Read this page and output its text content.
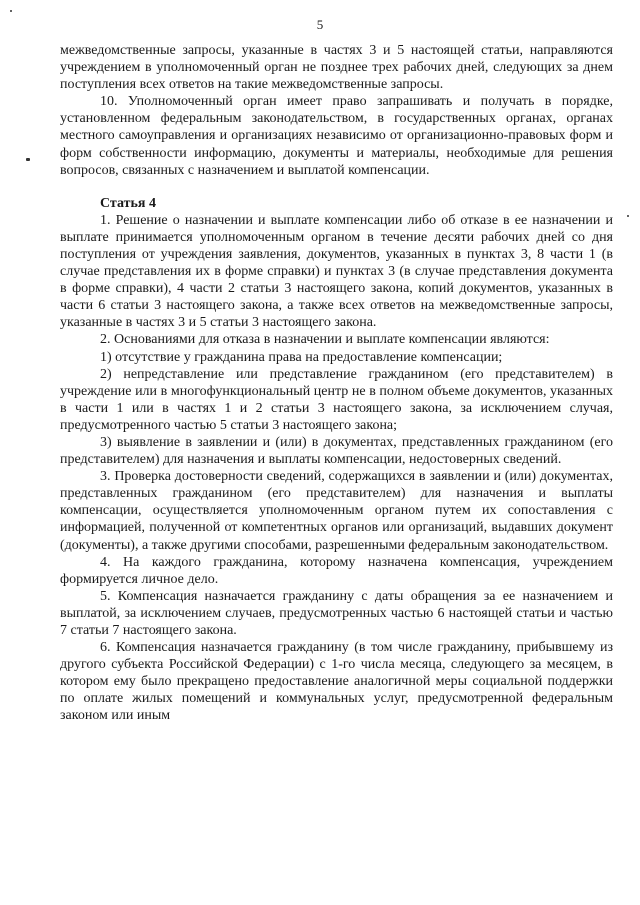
5

межведомственные запросы, указанные в частях 3 и 5 настоящей статьи, направляются учреждением в уполномоченный орган не позднее трех рабочих дней, следующих за днем поступления всех ответов на такие межведомственные запросы.

10. Уполномоченный орган имеет право запрашивать и получать в порядке, установленном федеральным законодательством, в государственных органах, органах местного самоуправления и организациях независимо от организационно-правовых форм и форм собственности информацию, документы и материалы, необходимые для решения вопросов, связанных с назначением и выплатой компенсации.

Статья 4

1. Решение о назначении и выплате компенсации либо об отказе в ее назначении и выплате принимается уполномоченным органом в течение десяти рабочих дней со дня поступления от учреждения заявления, документов, указанных в пунктах 3, 8 части 1 (в случае представления их в форме справки) и пунктах 3 (в случае представления документа в форме справки), 4 части 2 статьи 3 настоящего закона, копий документов, указанных в части 6 статьи 3 настоящего закона, а также всех ответов на межведомственные запросы, указанные в частях 3 и 5 статьи 3 настоящего закона.

2. Основаниями для отказа в назначении и выплате компенсации являются:

1) отсутствие у гражданина права на предоставление компенсации;

2) непредставление или представление гражданином (его представителем) в учреждение или в многофункциональный центр не в полном объеме документов, указанных в части 1 или в частях 1 и 2 статьи 3 настоящего закона, за исключением случая, предусмотренного частью 5 статьи 3 настоящего закона;

3) выявление в заявлении и (или) в документах, представленных гражданином (его представителем) для назначения и выплаты компенсации, недостоверных сведений.

3. Проверка достоверности сведений, содержащихся в заявлении и (или) документах, представленных гражданином (его представителем) для назначения и выплаты компенсации, осуществляется уполномоченным органом путем их сопоставления с информацией, полученной от компетентных органов или организаций, выдавших документ (документы), а также другими способами, разрешенными федеральным законодательством.

4. На каждого гражданина, которому назначена компенсация, учреждением формируется личное дело.

5. Компенсация назначается гражданину с даты обращения за ее назначением и выплатой, за исключением случаев, предусмотренных частью 6 настоящей статьи и частью 7 статьи 7 настоящего закона.

6. Компенсация назначается гражданину (в том числе гражданину, прибывшему из другого субъекта Российской Федерации) с 1-го числа месяца, следующего за месяцем, в котором ему было прекращено предоставление аналогичной меры социальной поддержки по оплате жилых помещений и коммунальных услуг, предусмотренной федеральным законом или иным
